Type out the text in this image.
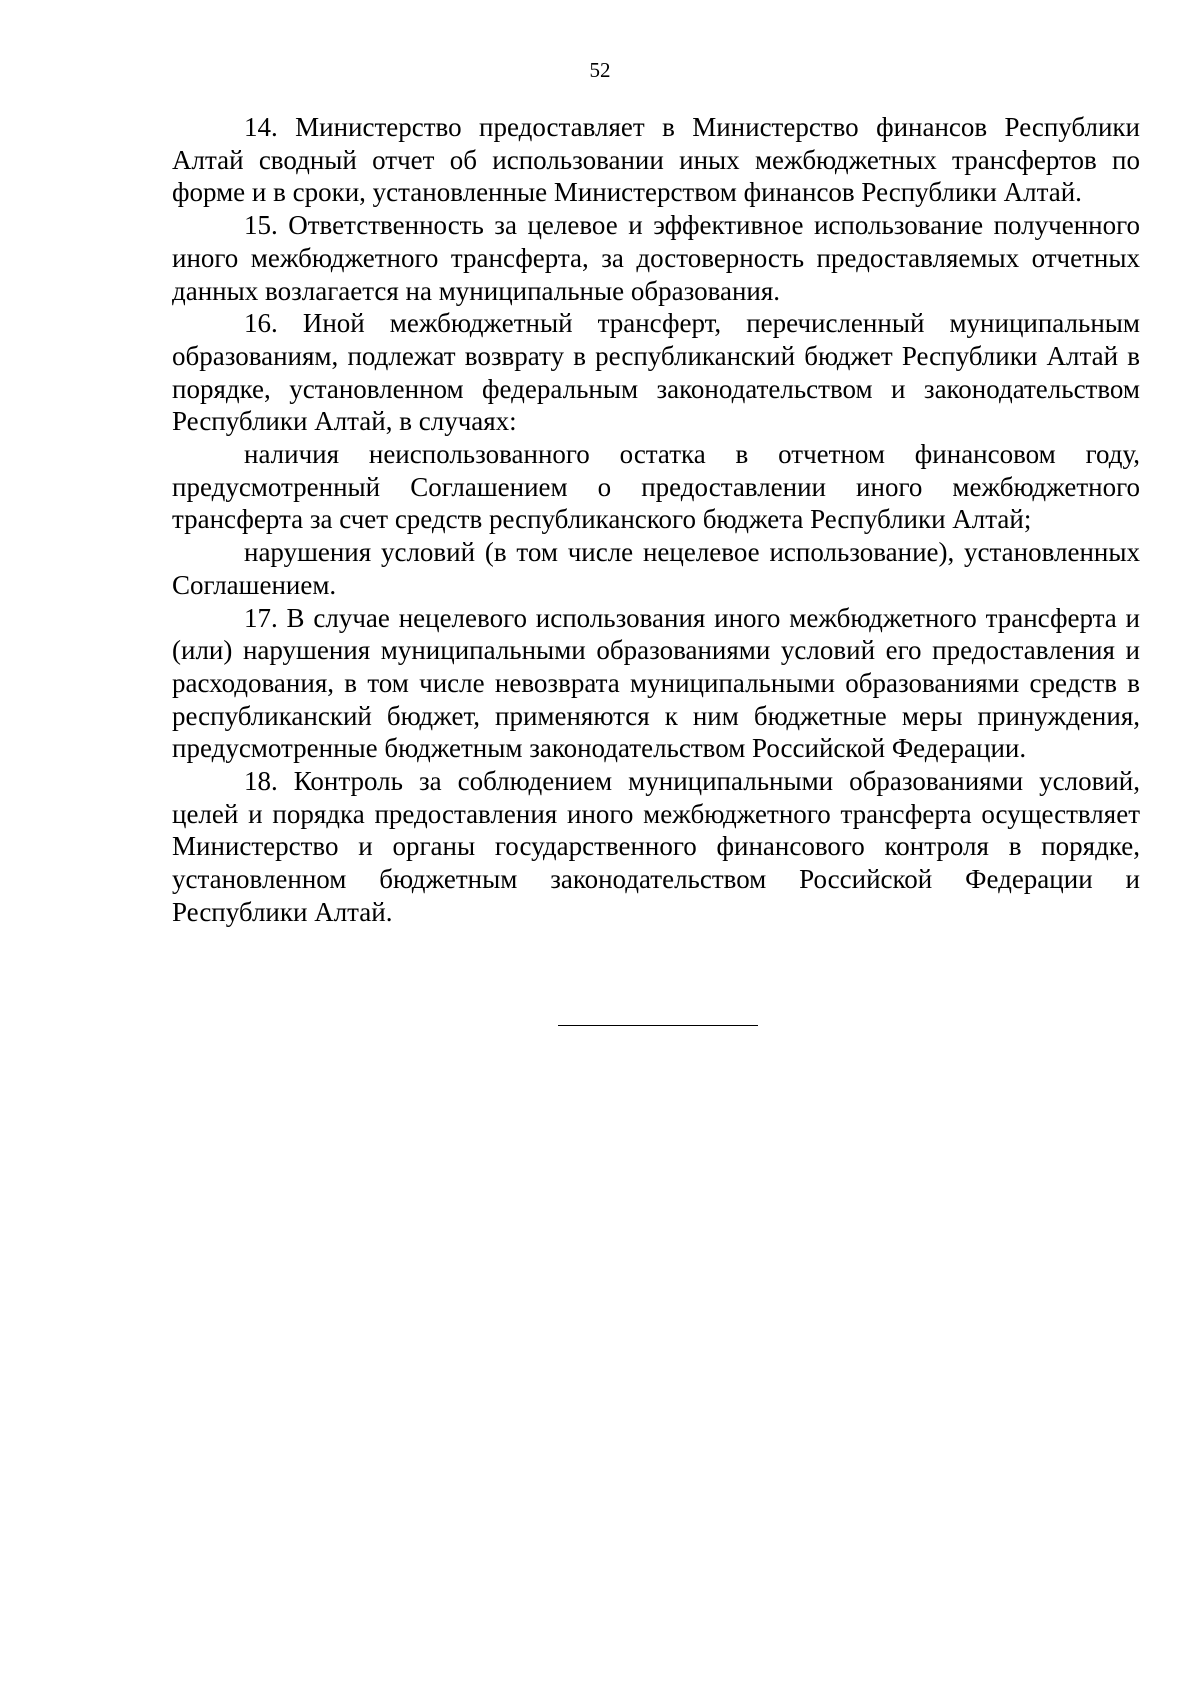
52

14. Министерство предоставляет в Министерство финансов Республики Алтай сводный отчет об использовании иных межбюджетных трансфертов по форме и в сроки, установленные Министерством финансов Республики Алтай.

15. Ответственность за целевое и эффективное использование полученного иного межбюджетного трансферта, за достоверность предоставляемых отчетных данных возлагается на муниципальные образования.

16. Иной межбюджетный трансферт, перечисленный муниципальным образованиям, подлежат возврату в республиканский бюджет Республики Алтай в порядке, установленном федеральным законодательством и законодательством Республики Алтай, в случаях:

наличия неиспользованного остатка в отчетном финансовом году, предусмотренный Соглашением о предоставлении иного межбюджетного трансферта за счет средств республиканского бюджета Республики Алтай;

нарушения условий (в том числе нецелевое использование), установленных Соглашением.

17. В случае нецелевого использования иного межбюджетного трансферта и (или) нарушения муниципальными образованиями условий его предоставления и расходования, в том числе невозврата муниципальными образованиями средств в республиканский бюджет, применяются к ним бюджетные меры принуждения, предусмотренные бюджетным законодательством Российской Федерации.

18. Контроль за соблюдением муниципальными образованиями условий, целей и порядка предоставления иного межбюджетного трансферта осуществляет Министерство и органы государственного финансового контроля в порядке, установленном бюджетным законодательством Российской Федерации и Республики Алтай.
